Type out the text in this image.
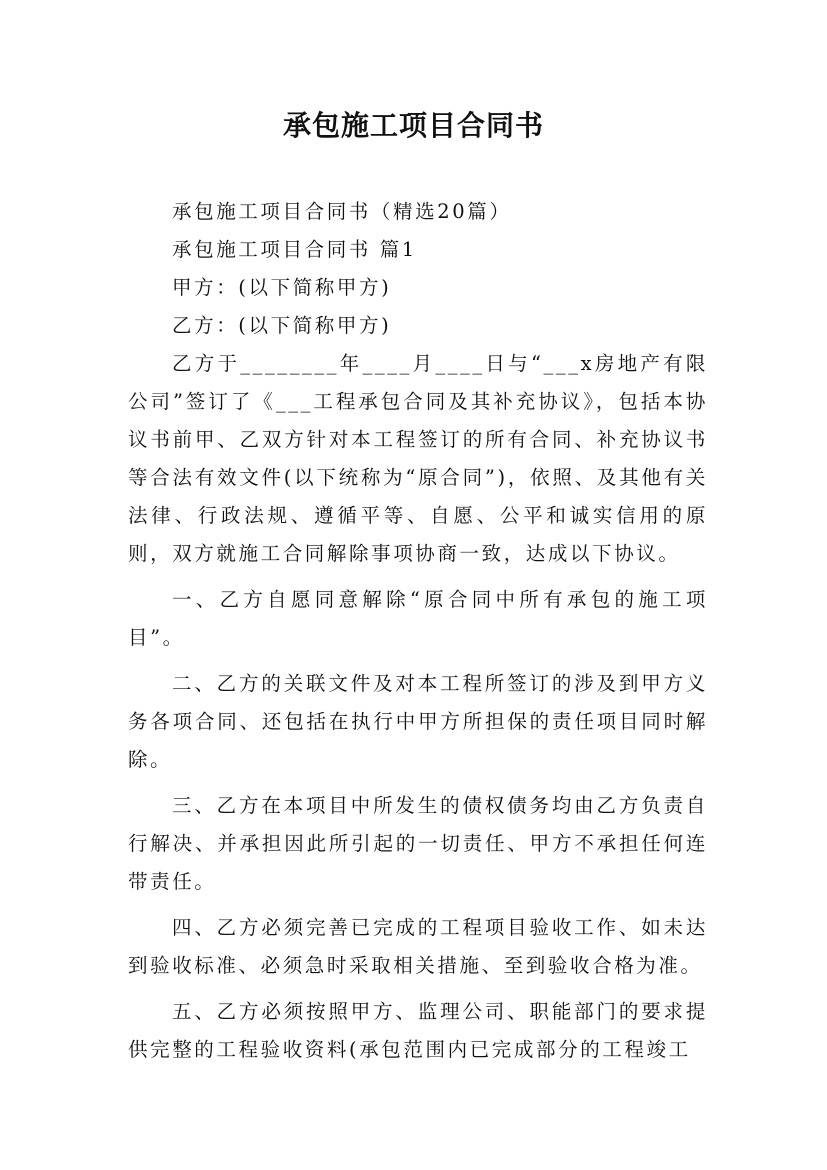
承包施工项目合同书

承包施工项目合同书（精选20篇）

承包施工项目合同书 篇1

甲方：(以下简称甲方)

乙方：(以下简称甲方)

乙方于________年____月____日与“___x房地产有限公司”签订了《___工程承包合同及其补充协议》，包括本协议书前甲、乙双方针对本工程签订的所有合同、补充协议书等合法有效文件(以下统称为“原合同”)，依照、及其他有关法律、行政法规、遵循平等、自愿、公平和诚实信用的原则，双方就施工合同解除事项协商一致，达成以下协议。

一、乙方自愿同意解除“原合同中所有承包的施工项目”。

二、乙方的关联文件及对本工程所签订的涉及到甲方义务各项合同、还包括在执行中甲方所担保的责任项目同时解除。

三、乙方在本项目中所发生的债权债务均由乙方负责自行解决、并承担因此所引起的一切责任、甲方不承担任何连带责任。

四、乙方必须完善已完成的工程项目验收工作、如未达到验收标准、必须急时采取相关措施、至到验收合格为准。

五、乙方必须按照甲方、监理公司、职能部门的要求提供完整的工程验收资料(承包范围内已完成部分的工程竣工
